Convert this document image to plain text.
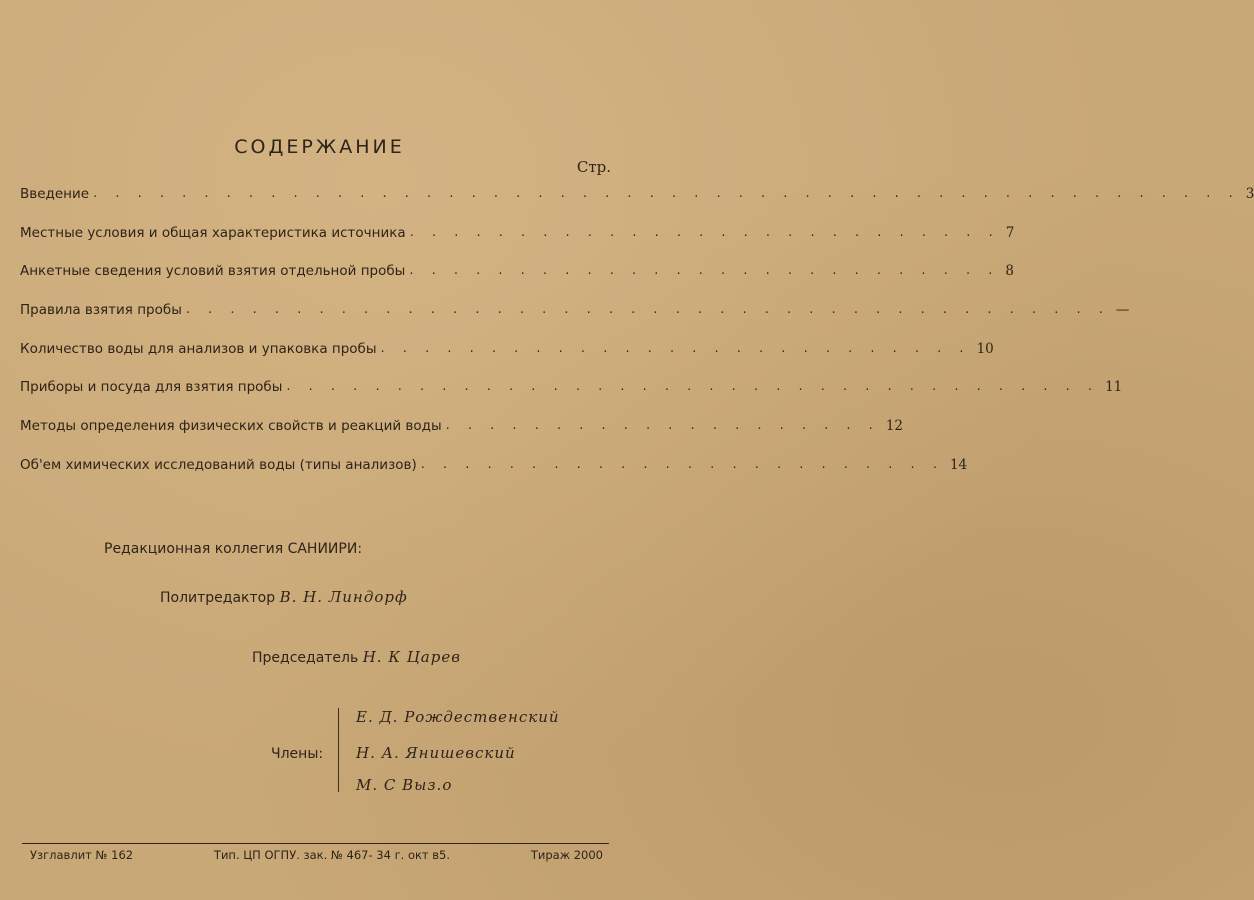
СОДЕРЖАНИЕ
Стр.
Введение . . . . . . . . . . . . . . . . . . . . . . . . . . . . . . . . . . . . . . . . . . . . . . . . . . . . 3
Местные условия и общая характеристика источника . . . . . . . . . . . . . . . . . . . . . . . . . . . 7
Анкетные сведения условий взятия отдельной пробы . . . . . . . . . . . . . . . . . . . . . . . . . . . 8
Правила взятия пробы . . . . . . . . . . . . . . . . . . . . . . . . . . . . . . . . . . . . . . . . . . —
Количество воды для анализов и упаковка пробы . . . . . . . . . . . . . . . . . . . . . . . . . . . 10
Приборы и посуда для взятия пробы . . . . . . . . . . . . . . . . . . . . . . . . . . . . . . . . . . . . . 11
Методы определения физических свойств и реакций воды . . . . . . . . . . . . . . . . . . . . 12
Об'ем химических исследований воды (типы анализов) . . . . . . . . . . . . . . . . . . . . . . . . 14
Редакционная коллегия САНИИРИ:
Политредактор В. Н. Линдорф
Председатель Н. К Царев
Члены:
Е. Д. Рождественский
Н. А. Янишевский
М. С Выз.о
Узглавлит № 162	Тип. ЦП ОГПУ. зак. № 467- 34 г. окт в5.	Тираж 2000
